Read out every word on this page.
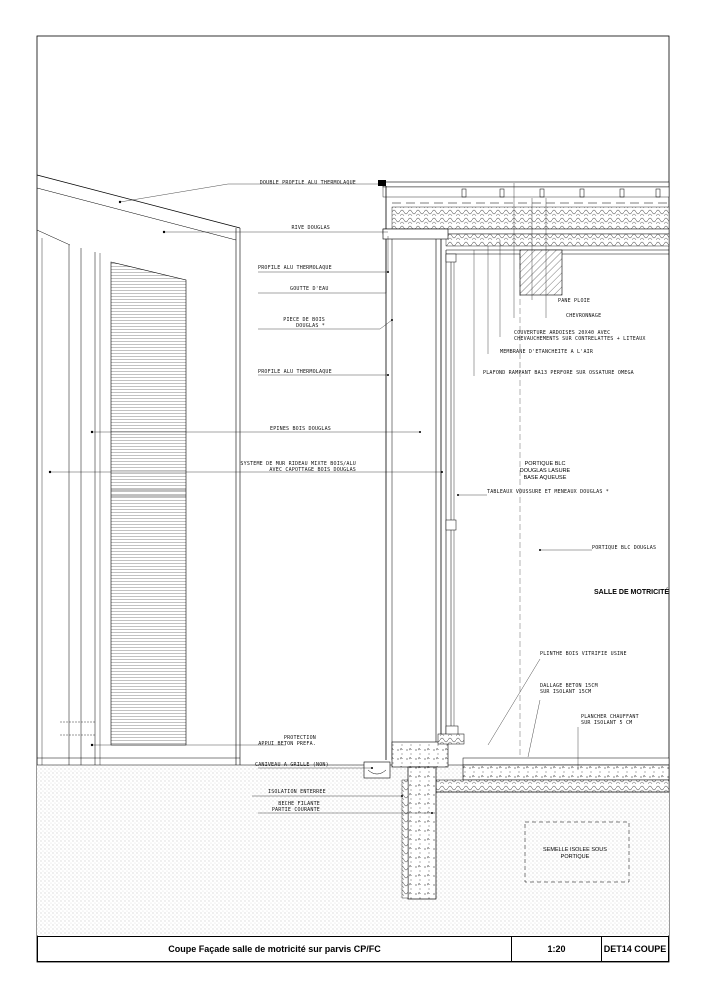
DOUBLE PROFILE ALU THERMOLAQUE
RIVE DOUGLAS
PROFILE ALU THERMOLAQUE
GOUTTE D'EAU
PIECE DE BOIS
DOUGLAS *
PROFILE ALU THERMOLAQUE
EPINES BOIS DOUGLAS
SYSTEME DE MUR RIDEAU MIXTE BOIS/ALU
AVEC CAPOTTAGE BOIS DOUGLAS
PROTECTION
APPUI BETON PREFA.
CANIVEAU A GRILLE (NON)
ISOLATION ENTERREE
BECHE FILANTE
PARTIE COURANTE
PANE PLOIE
CHEVRONNAGE
COUVERTURE ARDOISES 20X40 AVEC
CHEVAUCHEMENTS SUR CONTRELATTES + LITEAUX
MEMBRANE D'ETANCHEITE A L'AIR
PLAFOND RAMPANT BA13 PERFORE SUR OSSATURE OMEGA
PORTIQUE BLC
DOUGLAS LASURE
BASE AQUEUSE
TABLEAUX VOUSSURE ET MENEAUX DOUGLAS *
PORTIQUE BLC DOUGLAS
SALLE DE MOTRICITÉ
PLINTHE BOIS VITRIFIE USINE
DALLAGE BETON 15CM
SUR ISOLANT 15CM
PLANCHER CHAUFFANT
SUR ISOLANT 5 CM
SEMELLE ISOLEE SOUS
PORTIQUE
Coupe Façade salle de motricité sur parvis CP/FC	1:20	DET14 COUPE
